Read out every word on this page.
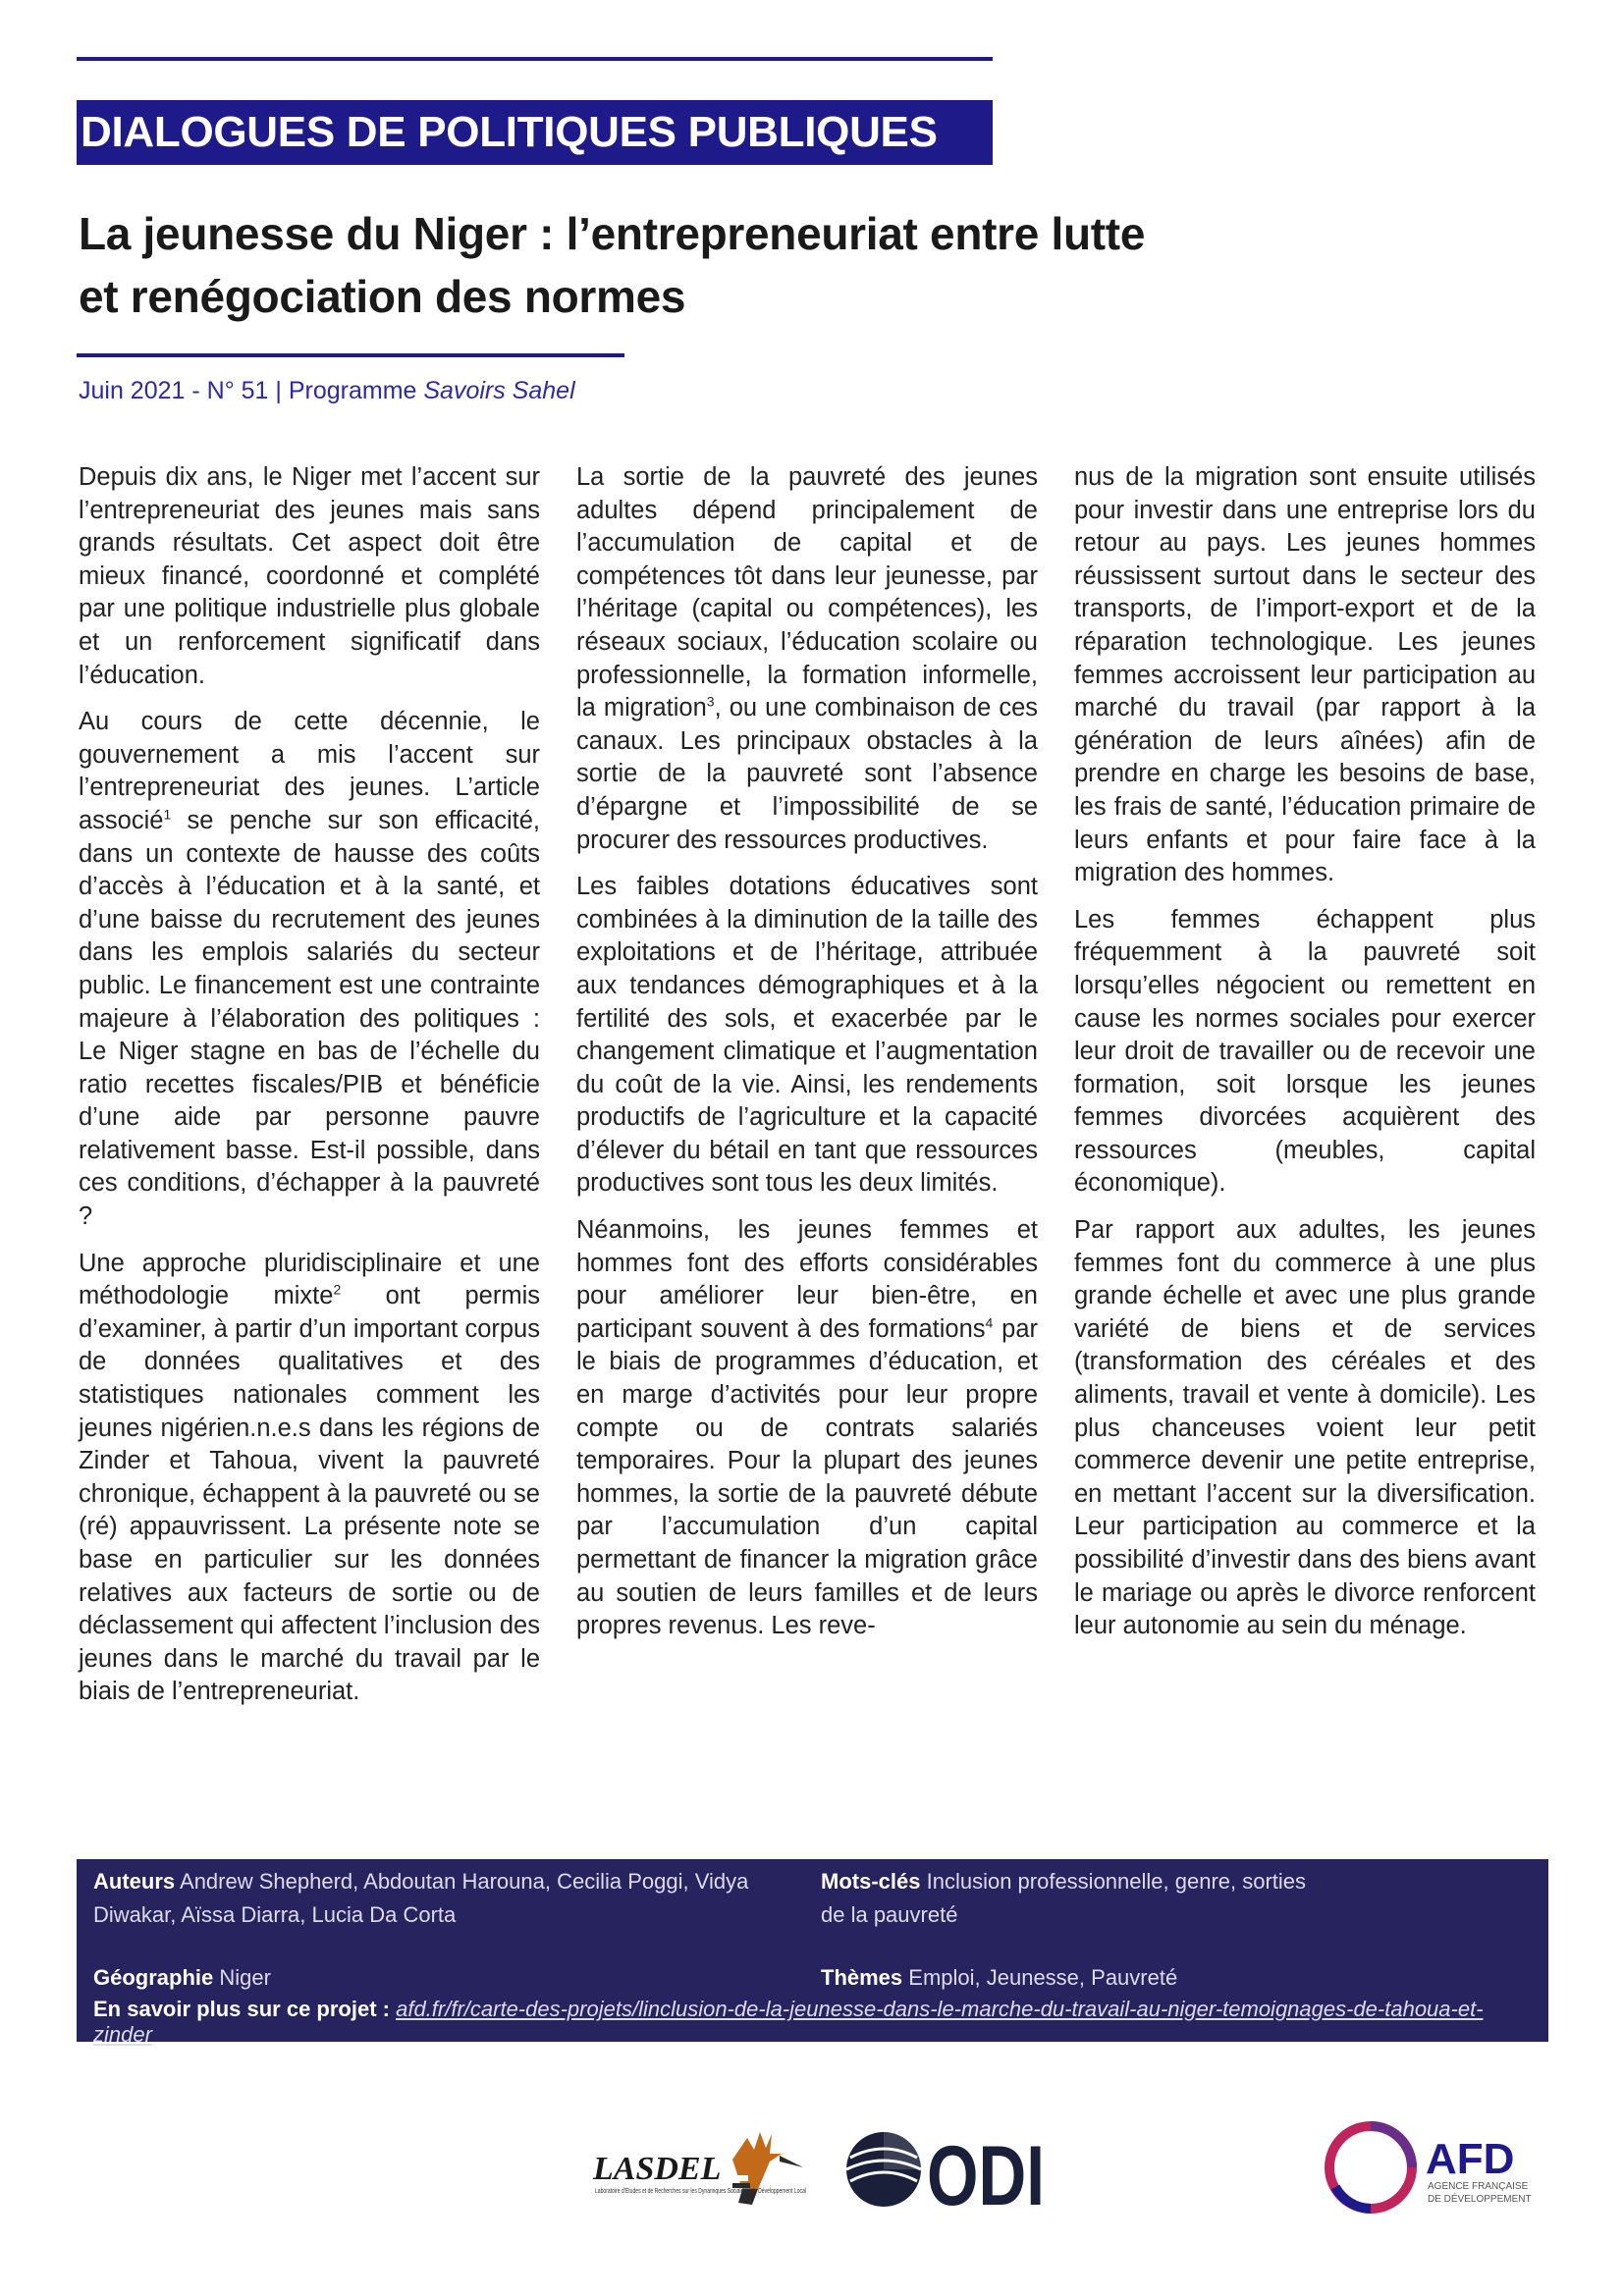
DIALOGUES DE POLITIQUES PUBLIQUES
La jeunesse du Niger : l’entrepreneuriat entre lutte
et renégociation des normes
Juin 2021 - N° 51 | Programme Savoirs Sahel

Depuis dix ans, le Niger met l’accent sur l’entrepreneuriat des jeunes mais sans grands résultats. Cet aspect doit être mieux financé, coordonné et complété par une politique industrielle plus globale et un renforcement significatif dans l’éducation.

Au cours de cette décennie, le gouvernement a mis l’accent sur l’entrepreneuriat des jeunes. L’article associé$^1$ se penche sur son efficacité, dans un contexte de hausse des coûts d’accès à l’éducation et à la santé, et d’une baisse du recrutement des jeunes dans les emplois salariés du secteur public. Le financement est une contrainte majeure à l’élaboration des politiques : Le Niger stagne en bas de l’échelle du ratio recettes fiscales/PIB et bénéficie d’une aide par personne pauvre relativement basse. Est-il possible, dans ces conditions, d’échapper à la pauvreté ?

Une approche pluridisciplinaire et une méthodologie mixte$^2$ ont permis d’examiner, à partir d’un important corpus de données qualitatives et des statistiques nationales comment les jeunes nigérien.n.e.s dans les régions de Zinder et Tahoua, vivent la pauvreté chronique, échappent à la pauvreté ou se (ré) appauvrissent. La présente note se base en particulier sur les données relatives aux facteurs de sortie ou de déclassement qui affectent l’inclusion des jeunes dans le marché du travail par le biais de l’entrepreneuriat.

La sortie de la pauvreté des jeunes adultes dépend principalement de l’accumulation de capital et de compétences tôt dans leur jeunesse, par l’héritage (capital ou compétences), les réseaux sociaux, l’éducation scolaire ou professionnelle, la formation informelle, la migration$^3$, ou une combinaison de ces canaux. Les principaux obstacles à la sortie de la pauvreté sont l’absence d’épargne et l’impossibilité de se procurer des ressources productives.

Les faibles dotations éducatives sont combinées à la diminution de la taille des exploitations et de l’héritage, attribuée aux tendances démographiques et à la fertilité des sols, et exacerbée par le changement climatique et l’augmentation du coût de la vie. Ainsi, les rendements productifs de l’agriculture et la capacité d’élever du bétail en tant que ressources productives sont tous les deux limités.

Néanmoins, les jeunes femmes et hommes font des efforts considérables pour améliorer leur bien-être, en participant souvent à des formations$^4$ par le biais de programmes d’éducation, et en marge d’activités pour leur propre compte ou de contrats salariés temporaires. Pour la plupart des jeunes hommes, la sortie de la pauvreté débute par l’accumulation d’un capital permettant de financer la migration grâce au soutien de leurs familles et de leurs propres revenus. Les reve-

nus de la migration sont ensuite utilisés pour investir dans une entreprise lors du retour au pays. Les jeunes hommes réussissent surtout dans le secteur des transports, de l’import-export et de la réparation technologique. Les jeunes femmes accroissent leur participation au marché du travail (par rapport à la génération de leurs aînées) afin de prendre en charge les besoins de base, les frais de santé, l’éducation primaire de leurs enfants et pour faire face à la migration des hommes.

Les femmes échappent plus fréquemment à la pauvreté soit lorsqu’elles négocient ou remettent en cause les normes sociales pour exercer leur droit de travailler ou de recevoir une formation, soit lorsque les jeunes femmes divorcées acquièrent des ressources (meubles, capital économique).

Par rapport aux adultes, les jeunes femmes font du commerce à une plus grande échelle et avec une plus grande variété de biens et de services (transformation des céréales et des aliments, travail et vente à domicile). Les plus chanceuses voient leur petit commerce devenir une petite entreprise, en mettant l’accent sur la diversification. Leur participation au commerce et la possibilité d’investir dans des biens avant le mariage ou après le divorce renforcent leur autonomie au sein du ménage.

Auteurs Andrew Shepherd, Abdoutan Harouna, Cecilia Poggi, Vidya Diwakar, Aïssa Diarra, Lucia Da Corta
Mots-clés Inclusion professionnelle, genre, sorties de la pauvreté
Géographie Niger	Thèmes Emploi, Jeunesse, Pauvreté
En savoir plus sur ce projet : afd.fr/fr/carte-des-projets/linclusion-de-la-jeunesse-dans-le-marche-du-travail-au-niger-temoignages-de-tahoua-et-zinder
LASDEL
Laboratoire d’Etudes et de Recherches sur les Dynamiques Sociales et le Développement Local ODI	AFD
AGENCE FRANÇAISE
DE DÉVELOPPEMENT
